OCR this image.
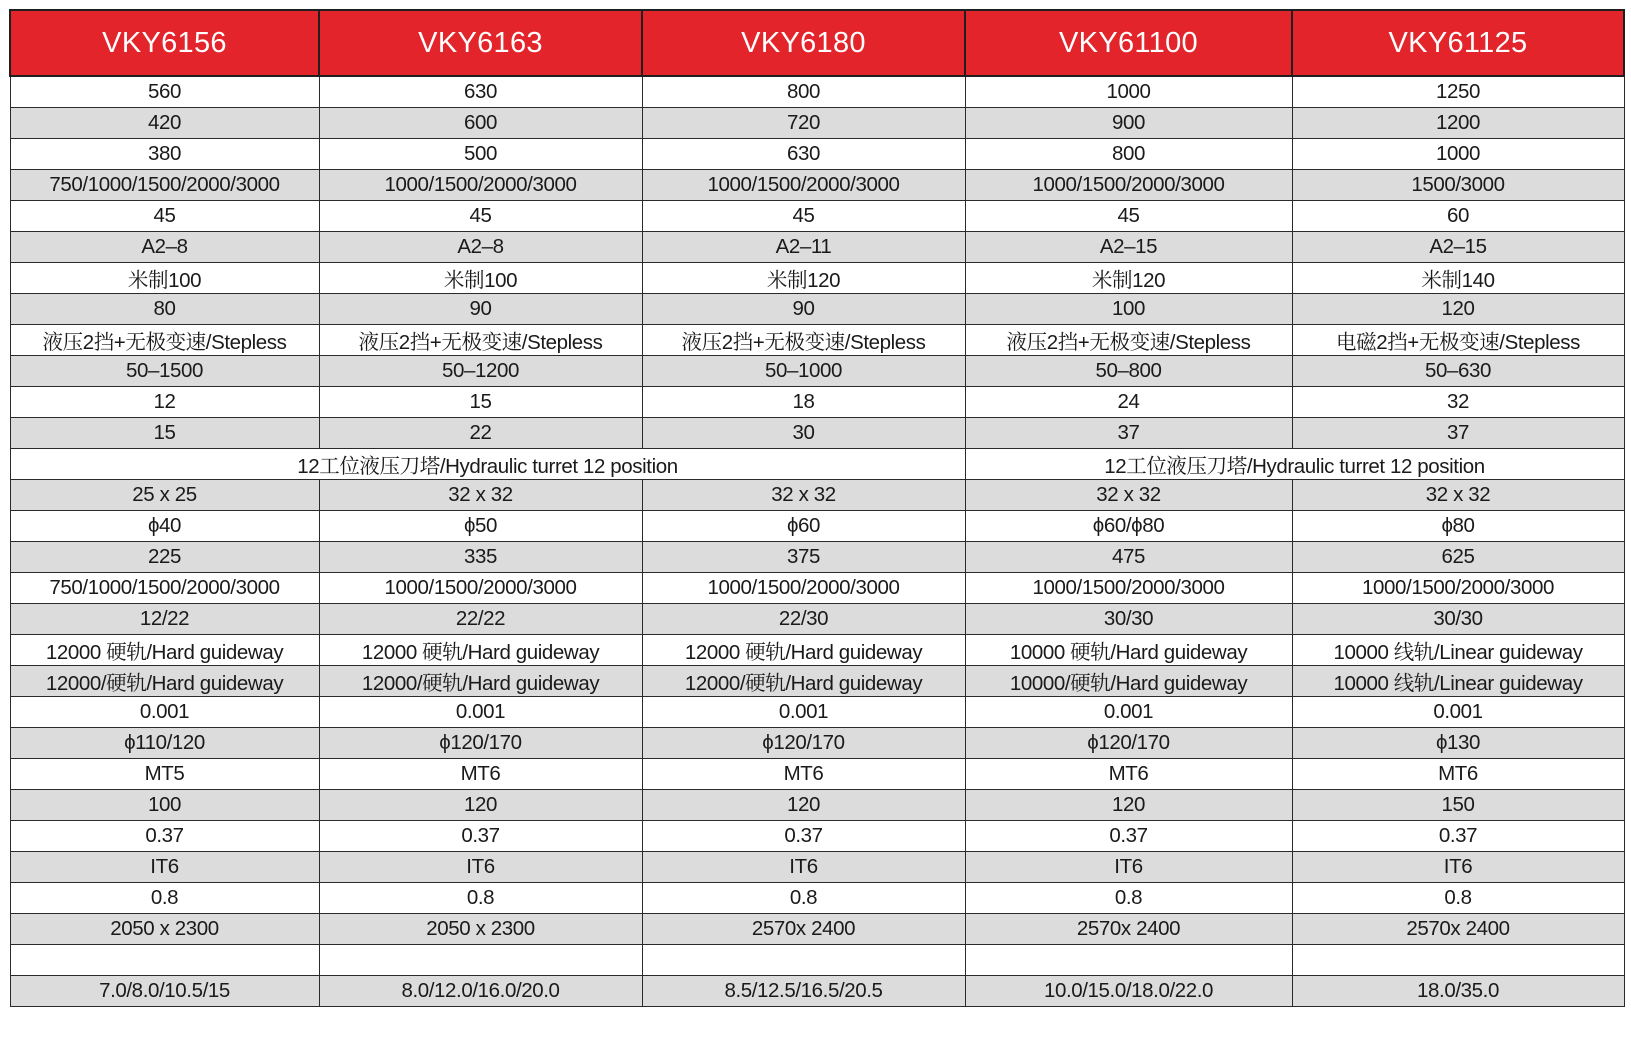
VKY6156	VKY6163	VKY6180	VKY61100	VKY61125
560	630	800	1000	1250
420	600	720	900	1200
380	500	630	800	1000
750/1000/1500/2000/3000	1000/1500/2000/3000	1000/1500/2000/3000	1000/1500/2000/3000	1500/3000
45	45	45	45	60
A2–8	A2–8	A2–11	A2–15	A2–15
米制100	米制100	米制120	米制120	米制140
80	90	90	100	120
液压2挡+无极变速/Stepless	液压2挡+无极变速/Stepless	液压2挡+无极变速/Stepless	液压2挡+无极变速/Stepless	电磁2挡+无极变速/Stepless
50–1500	50–1200	50–1000	50–800	50–630
12	15	18	24	32
15	22	30	37	37
12工位液压刀塔/Hydraulic turret 12 position			12工位液压刀塔/Hydraulic turret 12 position	
25 x 25	32 x 32	32 x 32	32 x 32	32 x 32
ϕ40	ϕ50	ϕ60	ϕ60/ϕ80	ϕ80
225	335	375	475	625
750/1000/1500/2000/3000	1000/1500/2000/3000	1000/1500/2000/3000	1000/1500/2000/3000	1000/1500/2000/3000
12/22	22/22	22/30	30/30	30/30
12000 硬轨/Hard guideway	12000 硬轨/Hard guideway	12000 硬轨/Hard guideway	10000 硬轨/Hard guideway	10000 线轨/Linear guideway
12000/硬轨/Hard guideway	12000/硬轨/Hard guideway	12000/硬轨/Hard guideway	10000/硬轨/Hard guideway	10000 线轨/Linear guideway
0.001	0.001	0.001	0.001	0.001
ϕ110/120	ϕ120/170	ϕ120/170	ϕ120/170	ϕ130
MT5	MT6	MT6	MT6	MT6
100	120	120	120	150
0.37	0.37	0.37	0.37	0.37
IT6	IT6	IT6	IT6	IT6
0.8	0.8	0.8	0.8	0.8
2050 x 2300	2050 x 2300	2570x 2400	2570x 2400	2570x 2400

7.0/8.0/10.5/15	8.0/12.0/16.0/20.0	8.5/12.5/16.5/20.5	10.0/15.0/18.0/22.0	18.0/35.0
